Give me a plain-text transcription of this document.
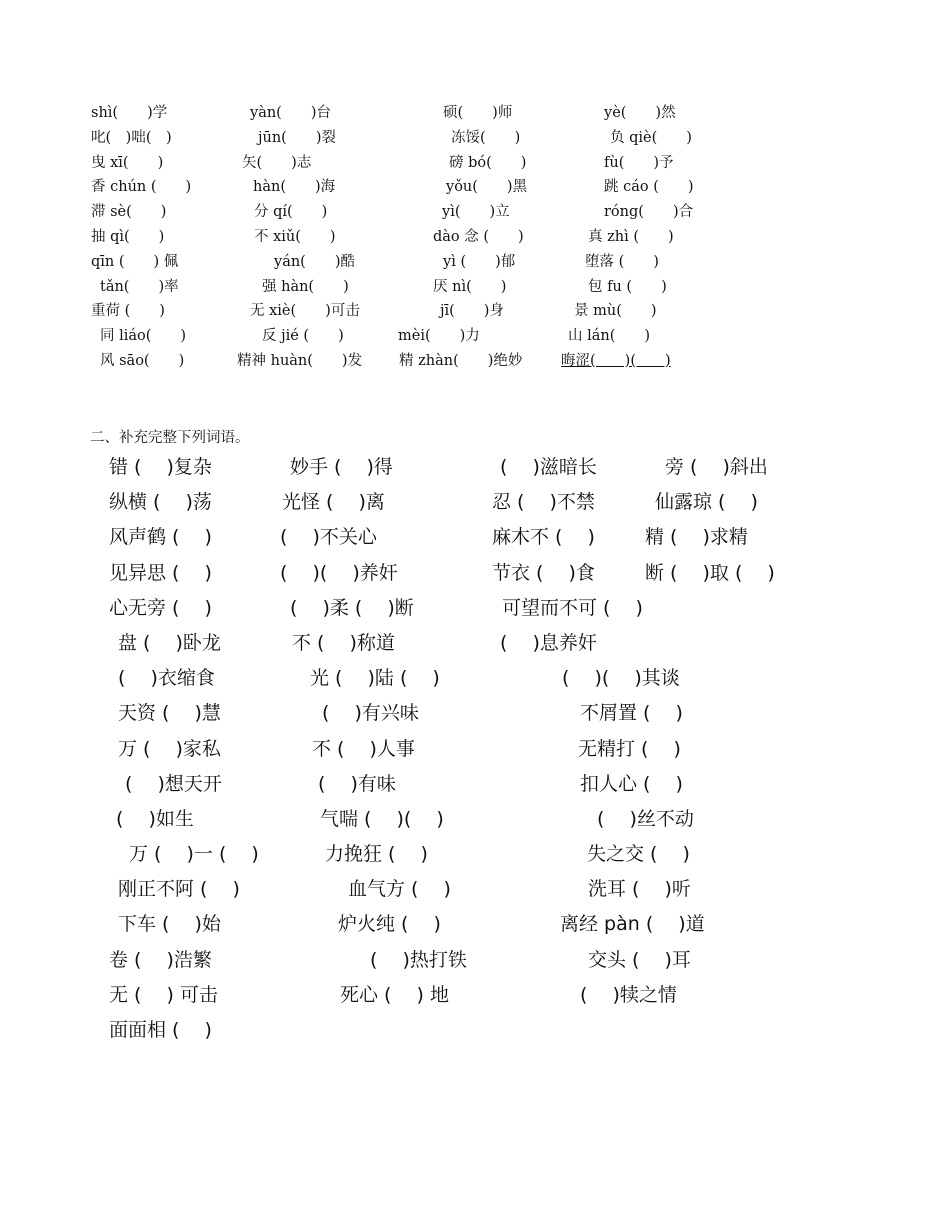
shì(　　)学	yàn(　　)台	硕(　　)师	yè(　　)然
叱(　)咄(　)	jūn(　　)裂	冻馁(　　)	负 qiè(　　)
曳 xī(　　)	矢(　　)志	磅 bó(　　)	fù(　　)予
香 chún (　　)	hàn(　　)海	yǒu(　　)黑	跳 cáo (　　)
滞 sè(　　)	分 qí(　　)	yì(　　)立	róng(　　)合
抽 qì(　　)	不 xiǔ(　　)	dào 念 (　　)	真 zhì (　　)
qīn (　　) 佩	yán(　　)酷	yì (　　)郁	堕落 (　　)
tǎn(　　)率	强 hàn(　　)	厌 nì(　　)	包 fu (　　)
重荷 (　　)	无 xiè(　　)可击	jī(　　)身	景 mù(　　)
同 liáo(　　)	反 jié (　　)	mèi(　　)力	山 lán(　　)
风 sāo(　　)	精神 huàn(　　)发	精 zhàn(　　)绝妙	晦涩(　　)(　　)
二、补充完整下列词语。
错 (　 )复杂	妙手 (　 )得	(　 )滋暗长	旁 (　 )斜出
纵横 (　 )荡	光怪 (　 )离	忍 (　 )不禁	仙露琼 (　 )
风声鹤 (　 )	(　 )不关心	麻木不 (　 )	精 (　 )求精
见异思 (　 )	(　 )(　 )养奸	节衣 (　 )食	断 (　 )取 (　 )
心无旁 (　 )	(　 )柔 (　 )断	可望而不可 (　 )
盘 (　 )卧龙	不 (　 )称道	(　 )息养奸
(　 )衣缩食	光 (　 )陆 (　 )	(　 )(　 )其谈
天资 (　 )慧	(　 )有兴味	不屑置 (　 )
万 (　 )家私	不 (　 )人事	无精打 (　 )
(　 )想天开	(　 )有味	扣人心 (　 )
(　 )如生	气喘 (　 )(　 )	(　 )丝不动
万 (　 )一 (　 )	力挽狂 (　 )	失之交 (　 )
刚正不阿 (　 )	血气方 (　 )	洗耳 (　 )听
下车 (　 )始	炉火纯 (　 )	离经 pàn (　 )道
卷 (　 )浩繁	(　 )热打铁	交头 (　 )耳
无 (　 ) 可击	死心 (　 ) 地	(　 )犊之情
面面相 (　 )
